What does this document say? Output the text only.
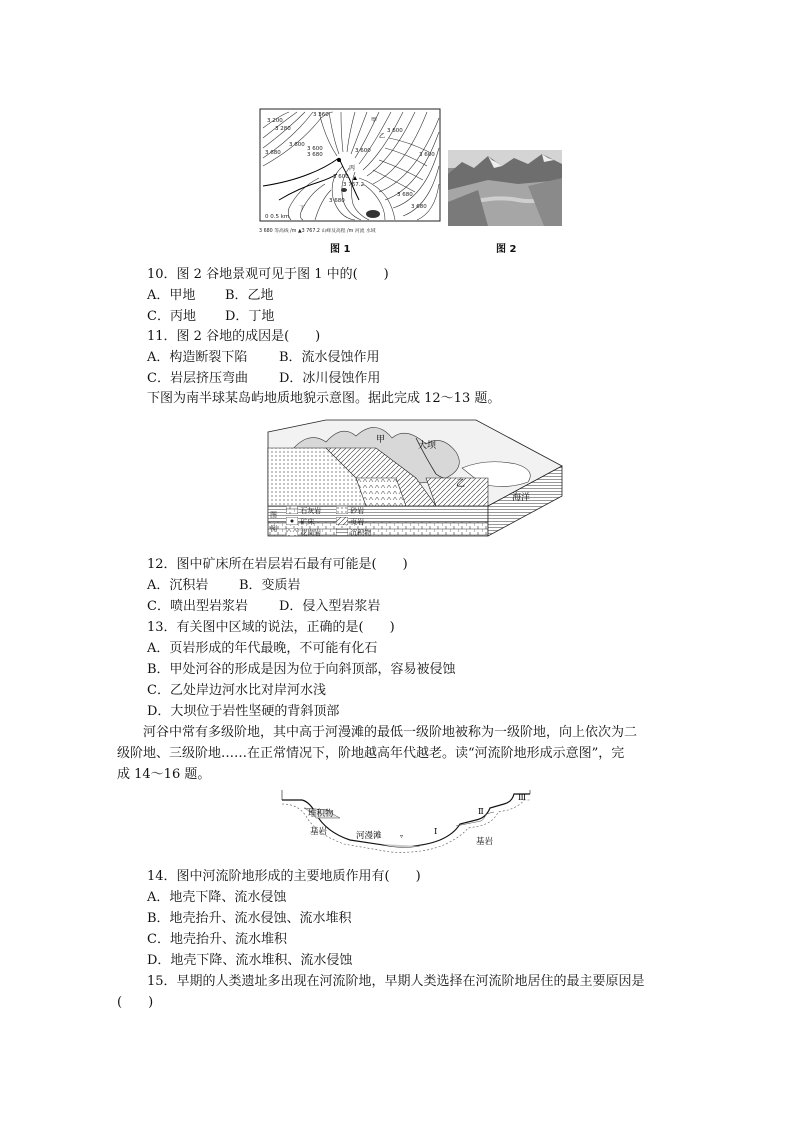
3 200
3 280
3 680
3 600
3 360
3 680
3 600
3 600
3 680
3 600
3 680
3 680
3 600
3 600
3 767.2
0 0.5 km
甲
乙
丙
丁
3 680 等高线 /m ▲3 767.2 山峰及高程 /m 河流 水域
图 1	图 2
10．图 2 谷地景观可见于图 1 中的(　　)
A．甲地 B．乙地
C．丙地 D．丁地
11．图 2 谷地的成因是(　　)
A．构造断裂下陷 B．流水侵蚀作用
C．岩层挤压弯曲 D．冰川侵蚀作用
下图为南半球某岛屿地质地貌示意图。据此完成 12～13 题。
甲
大坝
乙
海洋
图
例
石灰岩	砂岩
矿床	页岩
花岗岩	沉积物
12．图中矿床所在岩层岩石最有可能是(　　)
A．沉积岩 B．变质岩
C．喷出型岩浆岩 D．侵入型岩浆岩
13．有关图中区域的说法，正确的是(　　)
A．页岩形成的年代最晚，不可能有化石
B．甲处河谷的形成是因为位于向斜顶部，容易被侵蚀
C．乙处岸边河水比对岸河水浅
D．大坝位于岩性坚硬的背斜顶部
　　河谷中常有多级阶地，其中高于河漫滩的最低一级阶地被称为一级阶地，向上依次为二
级阶地、三级阶地……在正常情况下，阶地越高年代越老。读“河流阶地形成示意图”，完
成 14～16 题。
▿
堆积物
基岩	河漫滩	Ⅰ
Ⅱ
Ⅲ
基岩
14．图中河流阶地形成的主要地质作用有(　　)
A．地壳下降、流水侵蚀
B．地壳抬升、流水侵蚀、流水堆积
C．地壳抬升、流水堆积
D．地壳下降、流水堆积、流水侵蚀
15．早期的人类遗址多出现在河流阶地，早期人类选择在河流阶地居住的最主要原因是
(　　)
